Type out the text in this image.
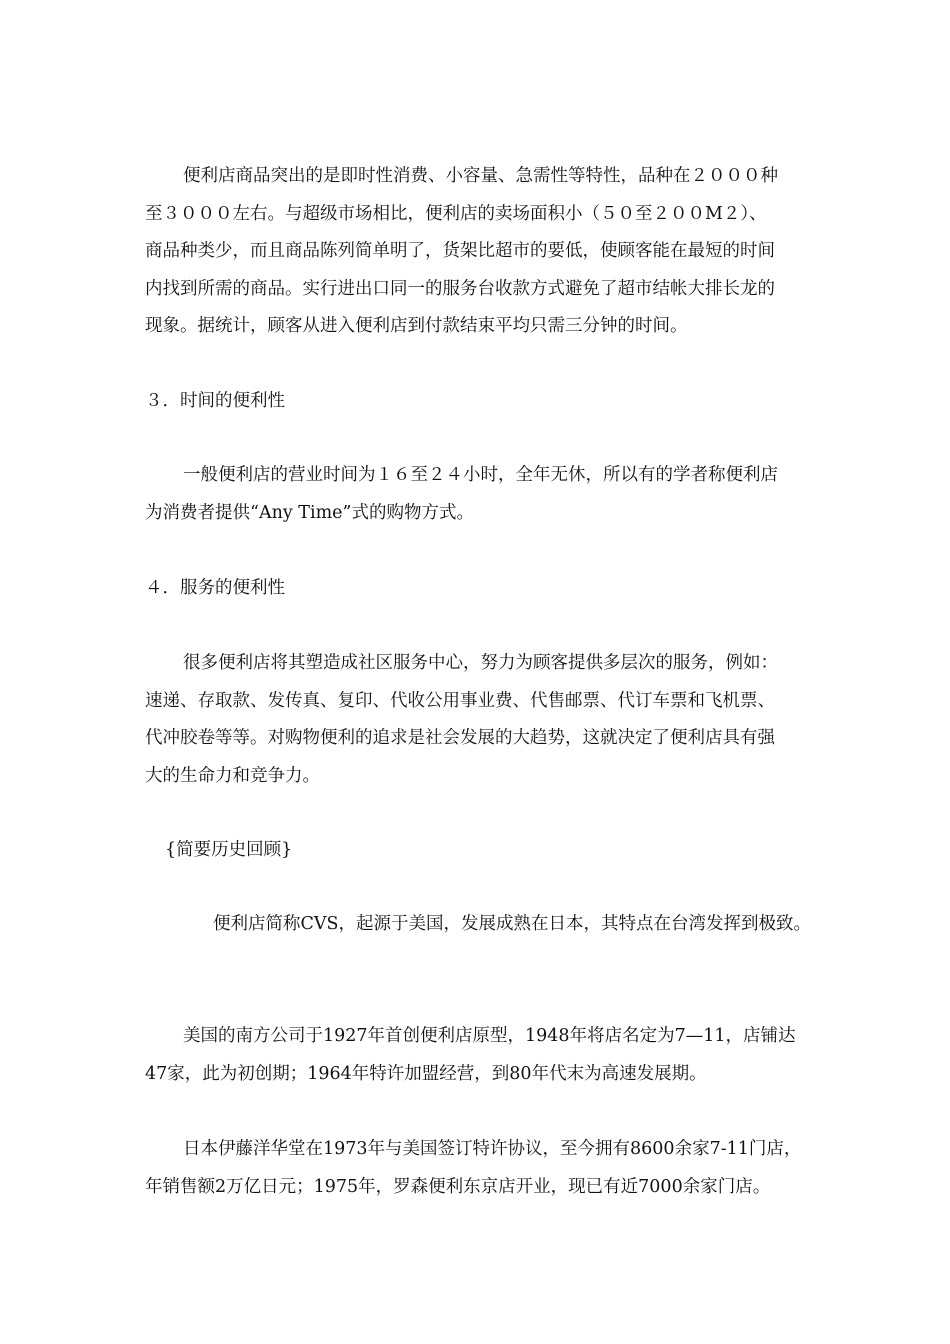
便利店商品突出的是即时性消费、小容量、急需性等特性，品种在２０００种
至３０００左右。与超级市场相比，便利店的卖场面积小（５０至２００M２）、
商品种类少，而且商品陈列简单明了，货架比超市的要低，使顾客能在最短的时间
内找到所需的商品。实行进出口同一的服务台收款方式避免了超市结帐大排长龙的
现象。据统计，顾客从进入便利店到付款结束平均只需三分钟的时间。
３．时间的便利性
一般便利店的营业时间为１６至２４小时，全年无休，所以有的学者称便利店
为消费者提供“Any Time”式的购物方式。
４．服务的便利性
很多便利店将其塑造成社区服务中心，努力为顾客提供多层次的服务，例如：
速递、存取款、发传真、复印、代收公用事业费、代售邮票、代订车票和飞机票、
代冲胶卷等等。对购物便利的追求是社会发展的大趋势，这就决定了便利店具有强
大的生命力和竞争力。
{简要历史回顾}
便利店简称CVS，起源于美国，发展成熟在日本，其特点在台湾发挥到极致。
美国的南方公司于1927年首创便利店原型，1948年将店名定为7—11，店铺达
47家，此为初创期；1964年特许加盟经营，到80年代末为高速发展期。
日本伊藤洋华堂在1973年与美国签订特许协议，至今拥有8600余家7-11门店，
年销售额2万亿日元；1975年，罗森便利东京店开业，现已有近7000余家门店。
